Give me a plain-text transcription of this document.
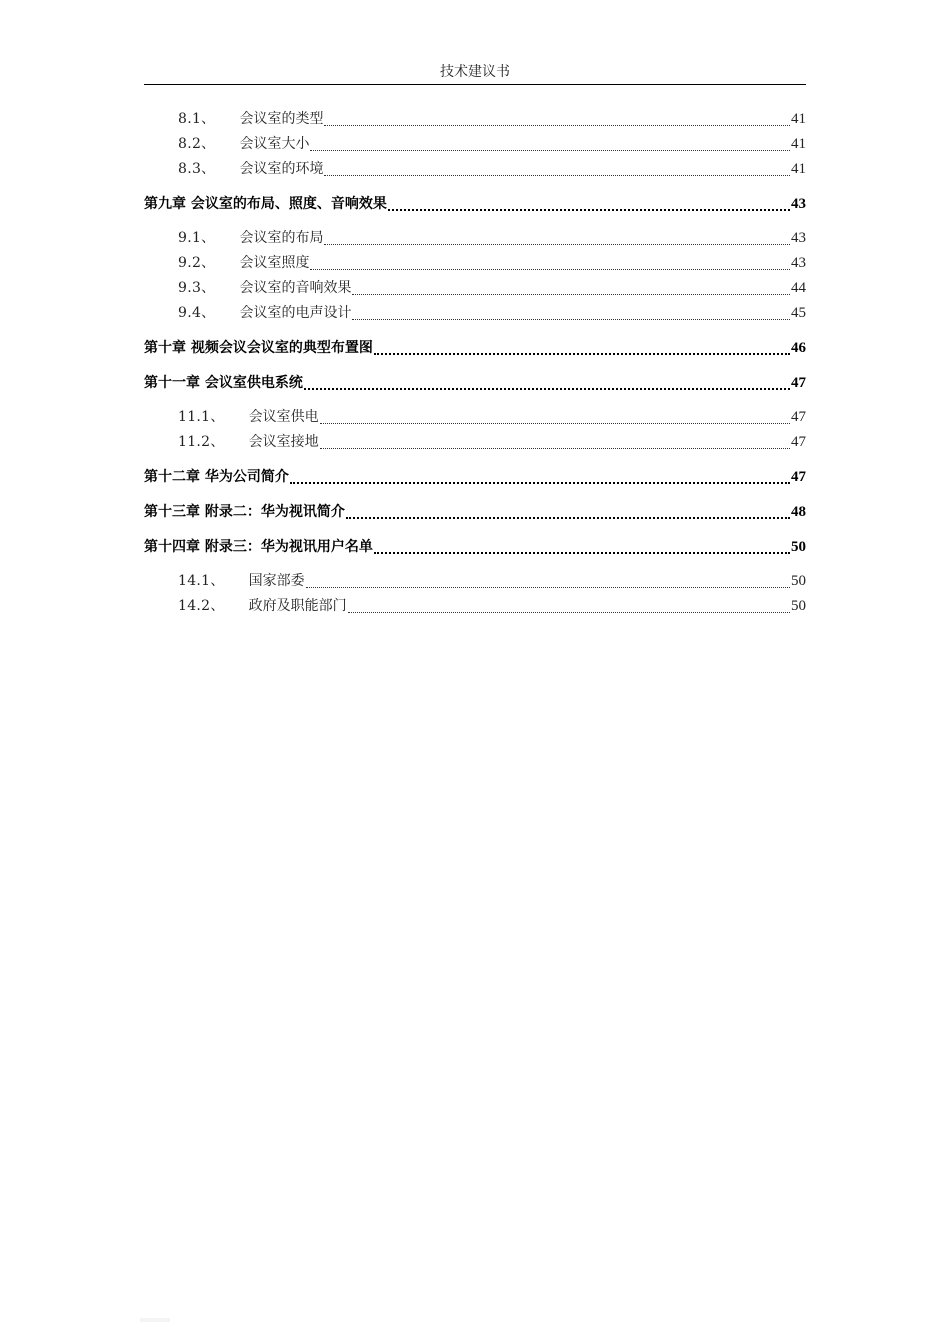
技术建议书
8.1、 会议室的类型	41
8.2、 会议室大小	41
8.3、 会议室的环境	41
第九章 会议室的布局、照度、音响效果	43
9.1、 会议室的布局	43
9.2、 会议室照度	43
9.3、 会议室的音响效果	44
9.4、 会议室的电声设计	45
第十章 视频会议会议室的典型布置图	46
第十一章 会议室供电系统	47
11.1、 会议室供电	47
11.2、 会议室接地	47
第十二章 华为公司简介	47
第十三章 附录二：华为视讯简介	48
第十四章 附录三：华为视讯用户名单	50
14.1、 国家部委	50
14.2、 政府及职能部门	50
